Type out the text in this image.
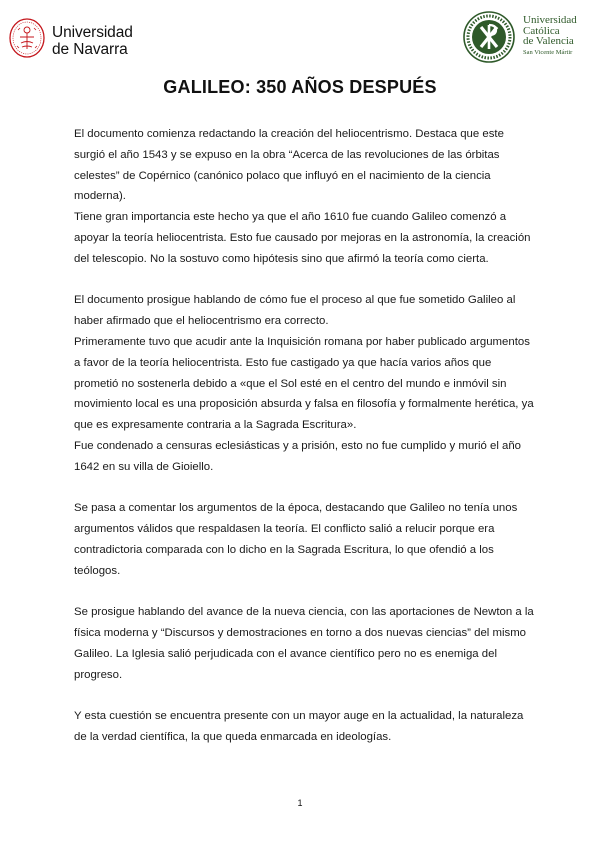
Universidad
de Navarra
Universidad
Católica
de Valencia
San Vicente Mártir
GALILEO: 350 AÑOS DESPUÉS

El documento comienza redactando la creación del heliocentrismo. Destaca que este surgió el año 1543 y se expuso en la obra “Acerca de las revoluciones de las órbitas celestes” de Copérnico (canónico polaco que influyó en el nacimiento de la ciencia moderna).

Tiene gran importancia este hecho ya que el año 1610 fue cuando Galileo comenzó a apoyar la teoría heliocentrista. Esto fue causado por mejoras en la astronomía, la creación del telescopio. No la sostuvo como hipótesis sino que afirmó la teoría como cierta.

El documento prosigue hablando de cómo fue el proceso al que fue sometido Galileo al haber afirmado que el heliocentrismo era correcto.

Primeramente tuvo que acudir ante la Inquisición romana por haber publicado argumentos a favor de la teoría heliocentrista. Esto fue castigado ya que hacía varios años que prometió no sostenerla debido a «que el Sol esté en el centro del mundo e inmóvil sin movimiento local es una proposición absurda y falsa en filosofía y formalmente herética, ya que es expresamente contraria a la Sagrada Escritura».

Fue condenado a censuras eclesiásticas y a prisión, esto no fue cumplido y murió el año 1642 en su villa de Gioiello.

Se pasa a comentar los argumentos de la época, destacando que Galileo no tenía unos argumentos válidos que respaldasen la teoría. El conflicto salió a relucir porque era contradictoria comparada con lo dicho en la Sagrada Escritura, lo que ofendió a los teólogos.

Se prosigue hablando del avance de la nueva ciencia, con las aportaciones de Newton a la física moderna y “Discursos y demostraciones en torno a dos nuevas ciencias” del mismo Galileo. La Iglesia salió perjudicada con el avance científico pero no es enemiga del progreso.

Y esta cuestión se encuentra presente con un mayor auge en la actualidad, la naturaleza de la verdad científica, la que queda enmarcada en ideologías.

1
